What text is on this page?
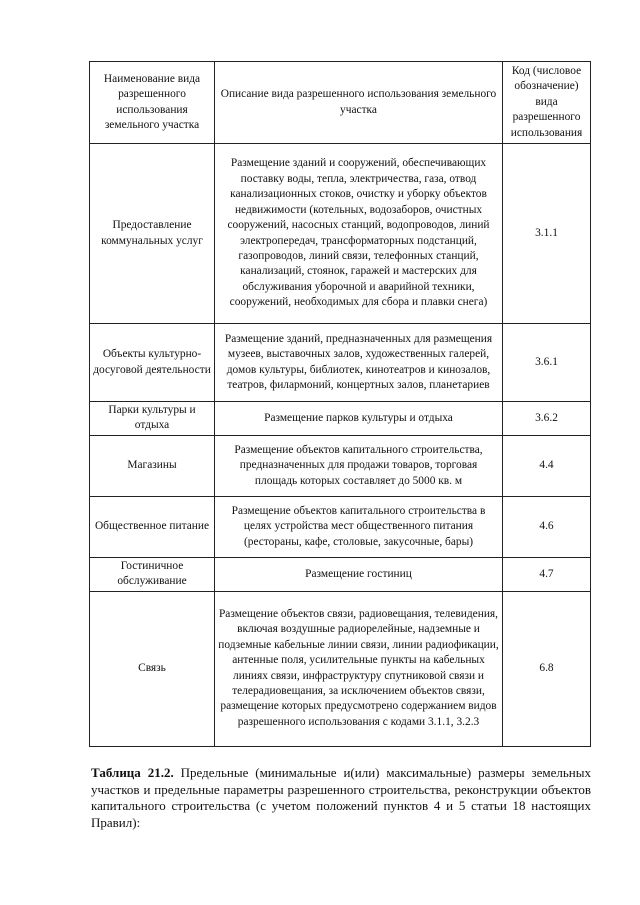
Наименование вида разрешенного использования земельного участка	Описание вида разрешенного использования земельного участка	Код (числовое обозначение) вида разрешенного использования
Предоставление коммунальных услуг	Размещение зданий и сооружений, обеспечивающих поставку воды, тепла, электричества, газа, отвод канализационных стоков, очистку и уборку объектов недвижимости (котельных, водозаборов, очистных сооружений, насосных станций, водопроводов, линий электропередач, трансформаторных подстанций, газопроводов, линий связи, телефонных станций, канализаций, стоянок, гаражей и мастерских для обслуживания уборочной и аварийной техники, сооружений, необходимых для сбора и плавки снега)	3.1.1
Объекты культурно-досуговой деятельности	Размещение зданий, предназначенных для размещения музеев, выставочных залов, художественных галерей, домов культуры, библиотек, кинотеатров и кинозалов, театров, филармоний, концертных залов, планетариев	3.6.1
Парки культуры и отдыха	Размещение парков культуры и отдыха	3.6.2
Магазины	Размещение объектов капитального строительства, предназначенных для продажи товаров, торговая площадь которых составляет до 5000 кв. м	4.4
Общественное питание	Размещение объектов капитального строительства в целях устройства мест общественного питания (рестораны, кафе, столовые, закусочные, бары)	4.6
Гостиничное обслуживание	Размещение гостиниц	4.7
Связь	Размещение объектов связи, радиовещания, телевидения, включая воздушные радиорелейные, надземные и подземные кабельные линии связи, линии радиофикации, антенные поля, усилительные пункты на кабельных линиях связи, инфраструктуру спутниковой связи и телерадиовещания, за исключением объектов связи, размещение которых предусмотрено содержанием видов разрешенного использования с кодами 3.1.1, 3.2.3	6.8

Таблица 21.2. Предельные (минимальные и(или) максимальные) размеры земельных участков и предельные параметры разрешенного строительства, реконструкции объектов капитального строительства (с учетом положений пунктов 4 и 5 статьи 18 настоящих Правил):
